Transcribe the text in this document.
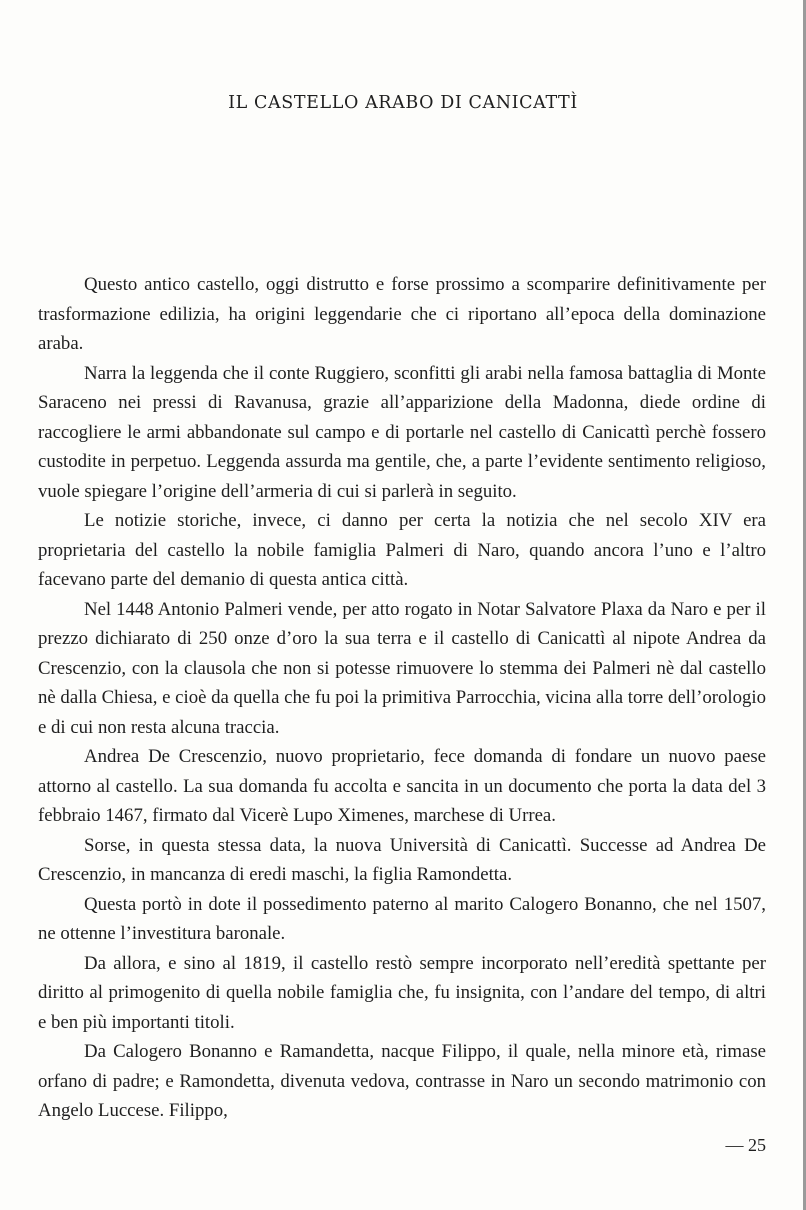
IL CASTELLO ARABO DI CANICATTÌ

Questo antico castello, oggi distrutto e forse prossimo a scomparire definitivamente per trasformazione edilizia, ha origini leggendarie che ci riportano all’epoca della dominazione araba.

Narra la leggenda che il conte Ruggiero, sconfitti gli arabi nella famosa battaglia di Monte Saraceno nei pressi di Ravanusa, grazie all’apparizione della Madonna, diede ordine di raccogliere le armi abbandonate sul campo e di portarle nel castello di Canicattì perchè fossero custodite in perpetuo. Leggenda assurda ma gentile, che, a parte l’evidente sentimento religioso, vuole spiegare l’origine dell’armeria di cui si parlerà in seguito.

Le notizie storiche, invece, ci danno per certa la notizia che nel secolo XIV era proprietaria del castello la nobile famiglia Palmeri di Naro, quando ancora l’uno e l’altro facevano parte del demanio di questa antica città.

Nel 1448 Antonio Palmeri vende, per atto rogato in Notar Salvatore Plaxa da Naro e per il prezzo dichiarato di 250 onze d’oro la sua terra e il castello di Canicattì al nipote Andrea da Crescenzio, con la clausola che non si potesse rimuovere lo stemma dei Palmeri nè dal castello nè dalla Chiesa, e cioè da quella che fu poi la primitiva Parrocchia, vicina alla torre dell’orologio e di cui non resta alcuna traccia.

Andrea De Crescenzio, nuovo proprietario, fece domanda di fondare un nuovo paese attorno al castello. La sua domanda fu accolta e sancita in un documento che porta la data del 3 febbraio 1467, firmato dal Vicerè Lupo Ximenes, marchese di Urrea.

Sorse, in questa stessa data, la nuova Università di Canicattì. Successe ad Andrea De Crescenzio, in mancanza di eredi maschi, la figlia Ramondetta.

Questa portò in dote il possedimento paterno al marito Calogero Bonanno, che nel 1507, ne ottenne l’investitura baronale.

Da allora, e sino al 1819, il castello restò sempre incorporato nell’eredità spettante per diritto al primogenito di quella nobile famiglia che, fu insignita, con l’andare del tempo, di altri e ben più importanti titoli.

Da Calogero Bonanno e Ramandetta, nacque Filippo, il quale, nella minore età, rimase orfano di padre; e Ramondetta, divenuta vedova, contrasse in Naro un secondo matrimonio con Angelo Luccese. Filippo,

— 25
